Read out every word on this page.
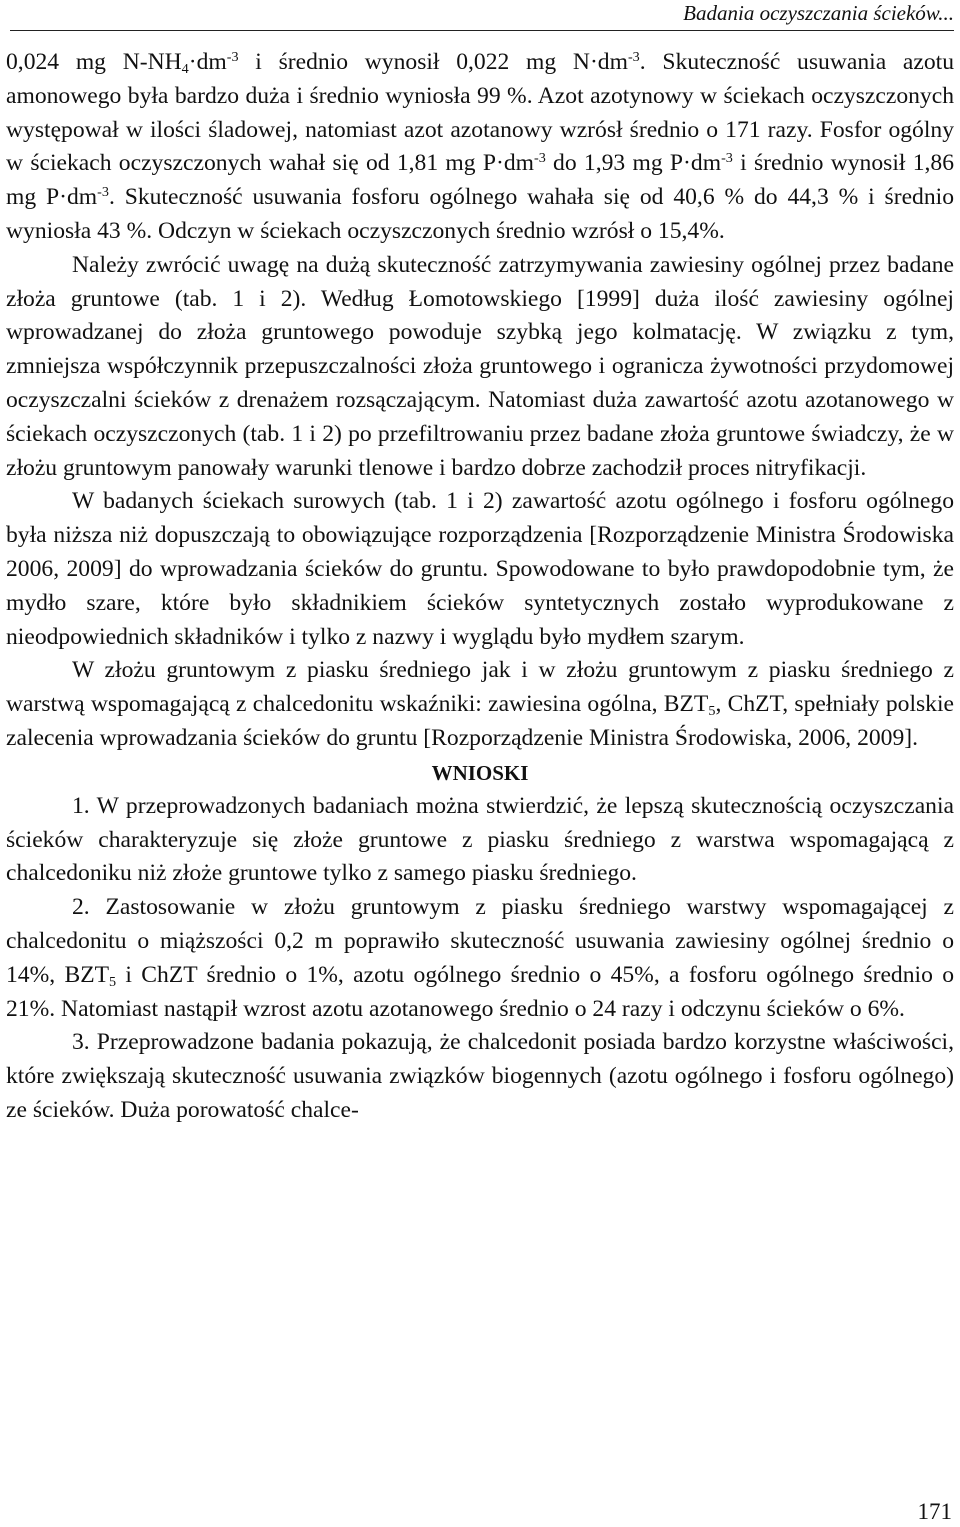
Badania oczyszczania ścieków...

0,024 mg $N-NH_4\cdot dm^{-3}$ i średnio wynosił 0,022 mg $N\cdot dm^{-3}$. Skuteczność usuwania azotu amonowego była bardzo duża i średnio wyniosła 99 %. Azot azotynowy w ściekach oczyszczonych występował w ilości śladowej, natomiast azot azotanowy wzrósł średnio o 171 razy. Fosfor ogólny w ściekach oczyszczonych wahał się od 1,81 mg $P\cdot dm^{-3}$ do 1,93 mg $P\cdot dm^{-3}$ i średnio wynosił 1,86 mg $P\cdot dm^{-3}$. Skuteczność usuwania fosforu ogólnego wahała się od 40,6 % do 44,3 % i średnio wyniosła 43 %. Odczyn w ściekach oczyszczonych średnio wzrósł o 15,4%.

Należy zwrócić uwagę na dużą skuteczność zatrzymywania zawiesiny ogólnej przez badane złoża gruntowe (tab. 1 i 2). Według Łomotowskiego [1999] duża ilość zawiesiny ogólnej wprowadzanej do złoża gruntowego powoduje szybką jego kolmatację. W związku z tym, zmniejsza współczynnik przepuszczalności złoża gruntowego i ogranicza żywotności przydomowej oczyszczalni ścieków z drenażem rozsączającym. Natomiast duża zawartość azotu azotanowego w ściekach oczyszczonych (tab. 1 i 2) po przefiltrowaniu przez badane złoża gruntowe świadczy, że w złożu gruntowym panowały warunki tlenowe i bardzo dobrze zachodził proces nitryfikacji.

W badanych ściekach surowych (tab. 1 i 2) zawartość azotu ogólnego i fosforu ogólnego była niższa niż dopuszczają to obowiązujące rozporządzenia [Rozporządzenie Ministra Środowiska 2006, 2009] do wprowadzania ścieków do gruntu. Spowodowane to było prawdopodobnie tym, że mydło szare, które było składnikiem ścieków syntetycznych zostało wyprodukowane z nieodpowiednich składników i tylko z nazwy i wyglądu było mydłem szarym.

W złożu gruntowym z piasku średniego jak i w złożu gruntowym z piasku średniego z warstwą wspomagającą z chalcedonitu wskaźniki: zawiesina ogólna, $BZT_5$, ChZT, spełniały polskie zalecenia wprowadzania ścieków do gruntu [Rozporządzenie Ministra Środowiska, 2006, 2009].

WNIOSKI

1. W przeprowadzonych badaniach można stwierdzić, że lepszą skutecznością oczyszczania ścieków charakteryzuje się złoże gruntowe z piasku średniego z warstwa wspomagającą z chalcedoniku niż złoże gruntowe tylko z samego piasku średniego.

2. Zastosowanie w złożu gruntowym z piasku średniego warstwy wspomagającej z chalcedonitu o miąższości 0,2 m poprawiło skuteczność usuwania zawiesiny ogólnej średnio o 14%, $BZT_5$ i ChZT średnio o 1%, azotu ogólnego średnio o 45%, a fosforu ogólnego średnio o 21%. Natomiast nastąpił wzrost azotu azotanowego średnio o 24 razy i odczynu ścieków o 6%.

3. Przeprowadzone badania pokazują, że chalcedonit posiada bardzo korzystne właściwości, które zwiększają skuteczność usuwania związków biogennych (azotu ogólnego i fosforu ogólnego) ze ścieków. Duża porowatość chalce-

171
